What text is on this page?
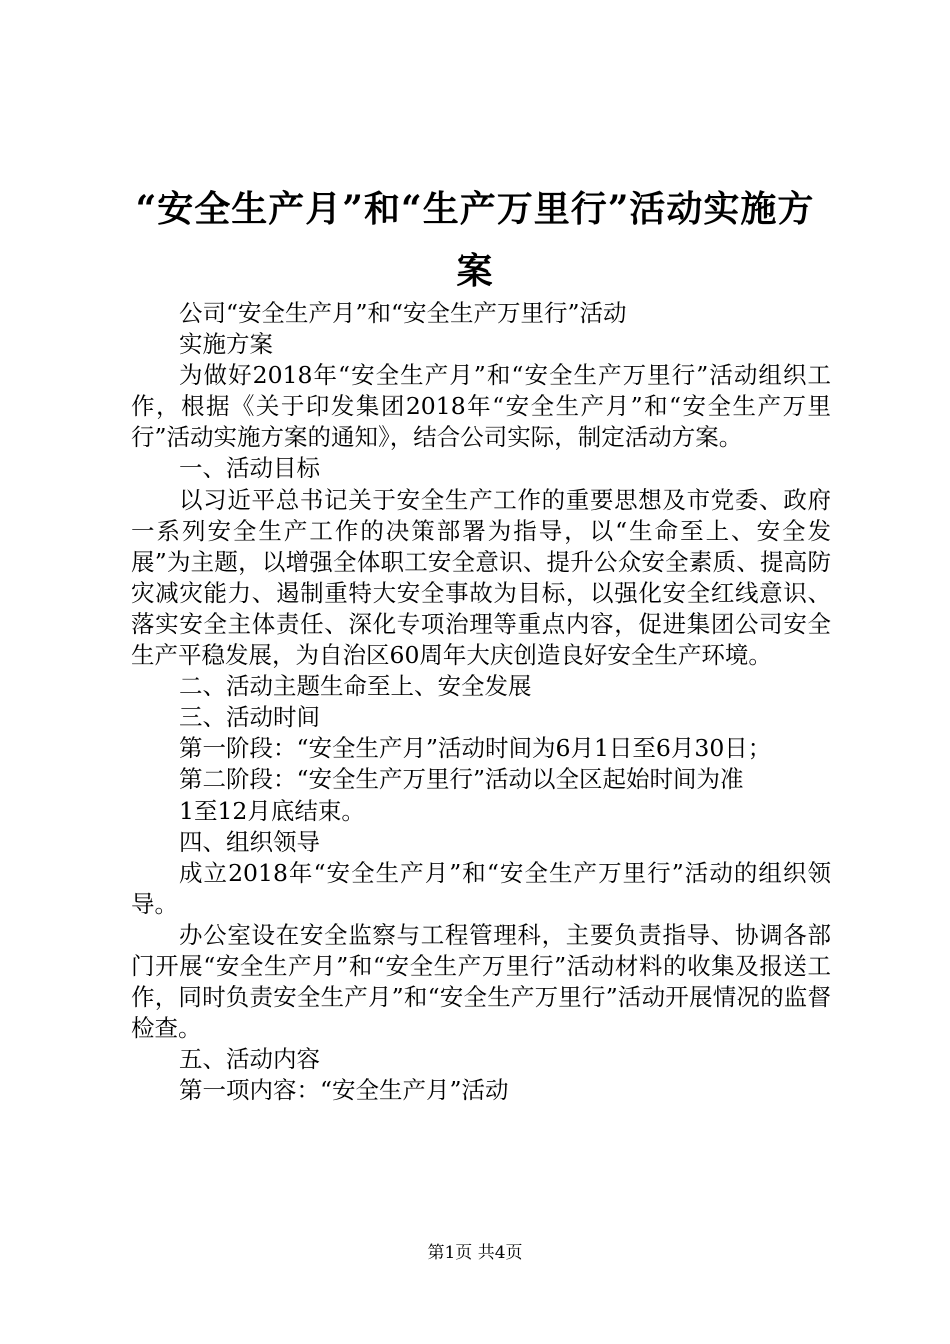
“安全生产月”和“生产万里行”活动实施方
案

公司“安全生产月”和“安全生产万里行”活动

实施方案

为做好2018年“安全生产月”和“安全生产万里行”活动组织工作，根据《关于印发集团2018年“安全生产月”和“安全生产万里行”活动实施方案的通知》，结合公司实际，制定活动方案。

一、活动目标

以习近平总书记关于安全生产工作的重要思想及市党委、政府一系列安全生产工作的决策部署为指导，以“生命至上、安全发展”为主题，以增强全体职工安全意识、提升公众安全素质、提高防灾减灾能力、遏制重特大安全事故为目标，以强化安全红线意识、落实安全主体责任、深化专项治理等重点内容，促进集团公司安全生产平稳发展，为自治区60周年大庆创造良好安全生产环境。

二、活动主题生命至上、安全发展

三、活动时间

第一阶段：“安全生产月”活动时间为6月1日至6月30日；

第二阶段：“安全生产万里行”活动以全区起始时间为准

1至12月底结束。

四、组织领导

成立2018年“安全生产月”和“安全生产万里行”活动的组织领导。

办公室设在安全监察与工程管理科，主要负责指导、协调各部门开展“安全生产月”和“安全生产万里行”活动材料的收集及报送工作，同时负责安全生产月”和“安全生产万里行”活动开展情况的监督检查。

五、活动内容

第一项内容：“安全生产月”活动

第1页 共4页
